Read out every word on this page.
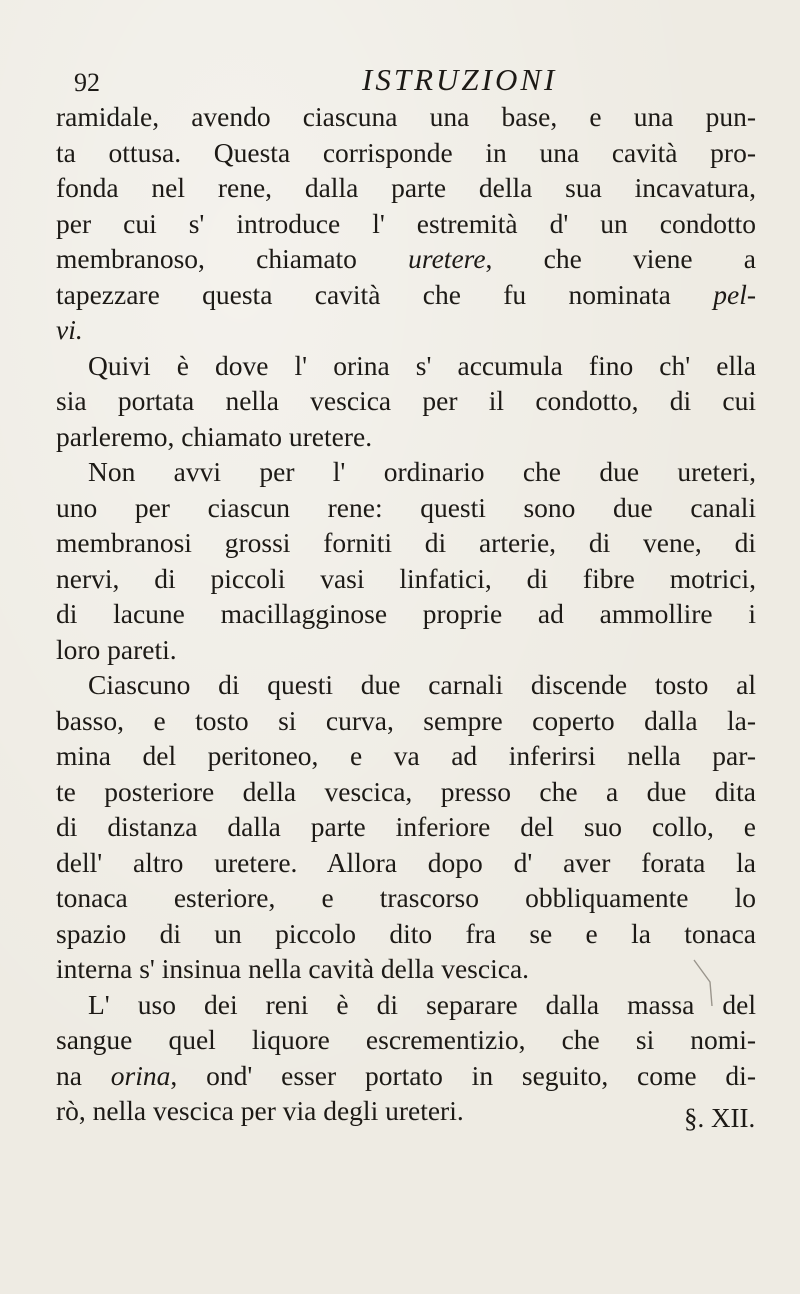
92	ISTRUZIONI
ramidale, avendo ciascuna una base, e una pun-
ta ottusa. Questa corrisponde in una cavità pro-
fonda nel rene, dalla parte della sua incavatura,
per cui s' introduce l' estremità d' un condotto
membranoso, chiamato uretere, che viene a
tapezzare questa cavità che fu nominata pel-
vi.
Quivi è dove l' orina s' accumula fino ch' ella
sia portata nella vescica per il condotto, di cui
parleremo, chiamato uretere.
Non avvi per l' ordinario che due ureteri,
uno per ciascun rene: questi sono due canali
membranosi grossi forniti di arterie, di vene, di
nervi, di piccoli vasi linfatici, di fibre motrici,
di lacune macillagginose proprie ad ammollire i
loro pareti.
Ciascuno di questi due carnali discende tosto al
basso, e tosto si curva, sempre coperto dalla la-
mina del peritoneo, e va ad inferirsi nella par-
te posteriore della vescica, presso che a due dita
di distanza dalla parte inferiore del suo collo, e
dell' altro uretere. Allora dopo d' aver forata la
tonaca esteriore, e trascorso obbliquamente lo
spazio di un piccolo dito fra se e la tonaca
interna s' insinua nella cavità della vescica.
L' uso dei reni è di separare dalla massa del
sangue quel liquore escrementizio, che si nomi-
na orina, ond' esser portato in seguito, come di-
rò, nella vescica per via degli ureteri.	§. XII.
